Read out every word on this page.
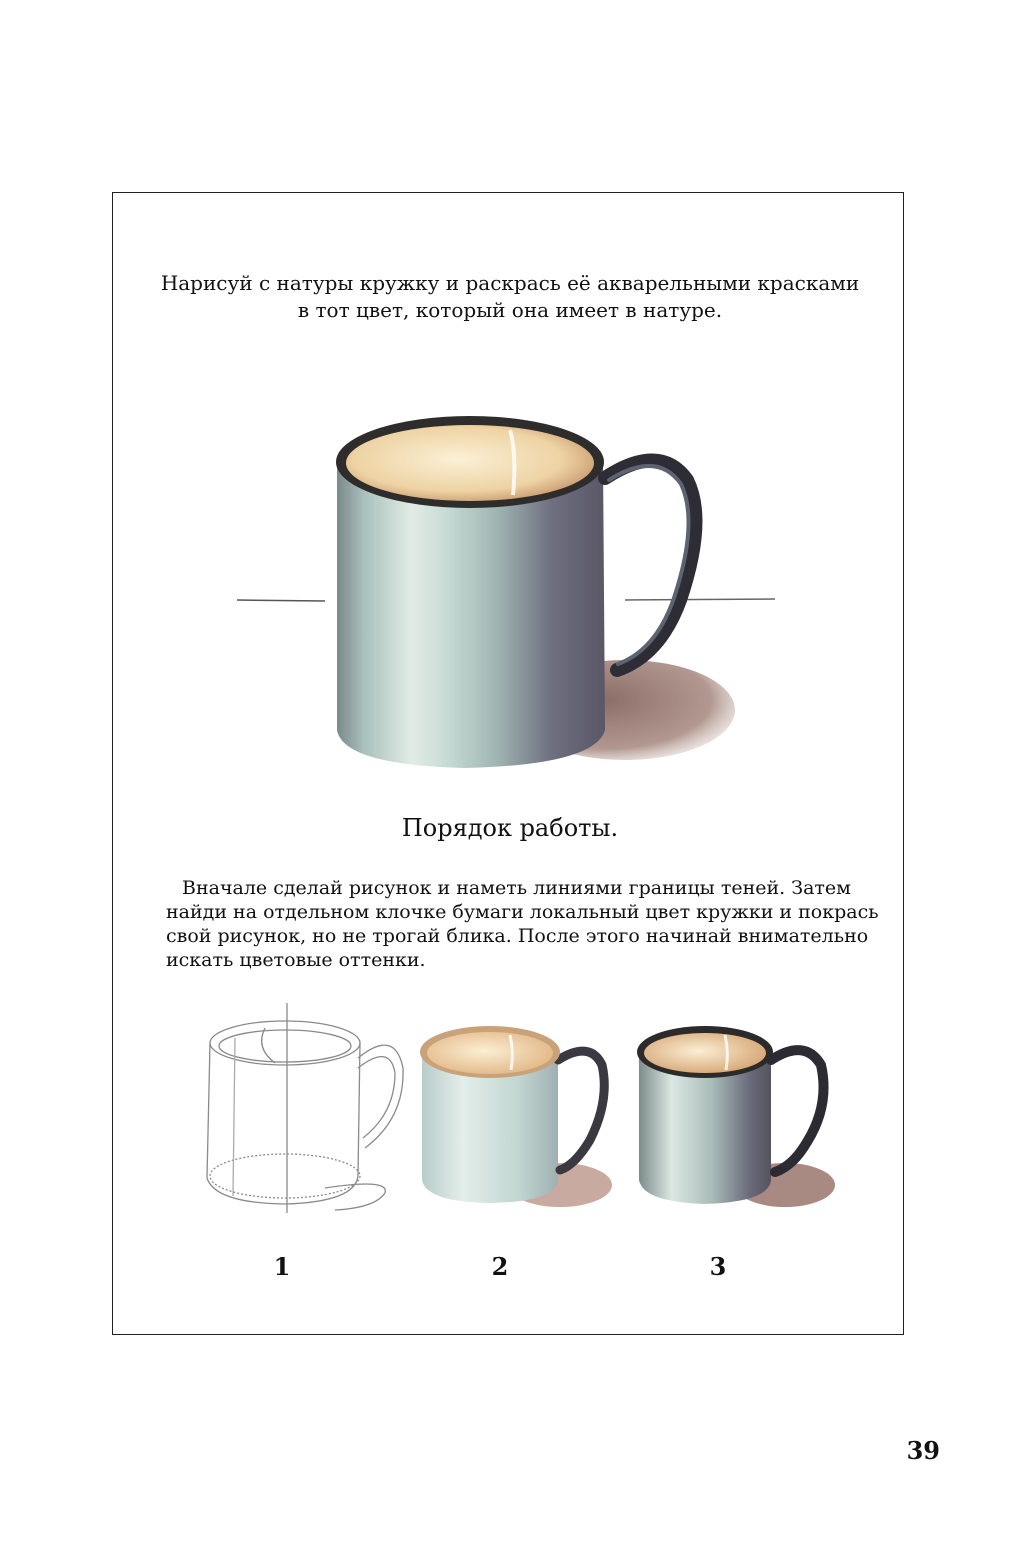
Нарисуй с натуры кружку и раскрась её акварельными красками
в тот цвет, который она имеет в натуре.
Порядок работы.
Вначале сделай рисунок и наметь линиями границы теней. Затем
найди на отдельном клочке бумаги локальный цвет кружки и покрась
свой рисунок, но не трогай блика. После этого начинай внимательно
искать цветовые оттенки.
1	2	3
39
